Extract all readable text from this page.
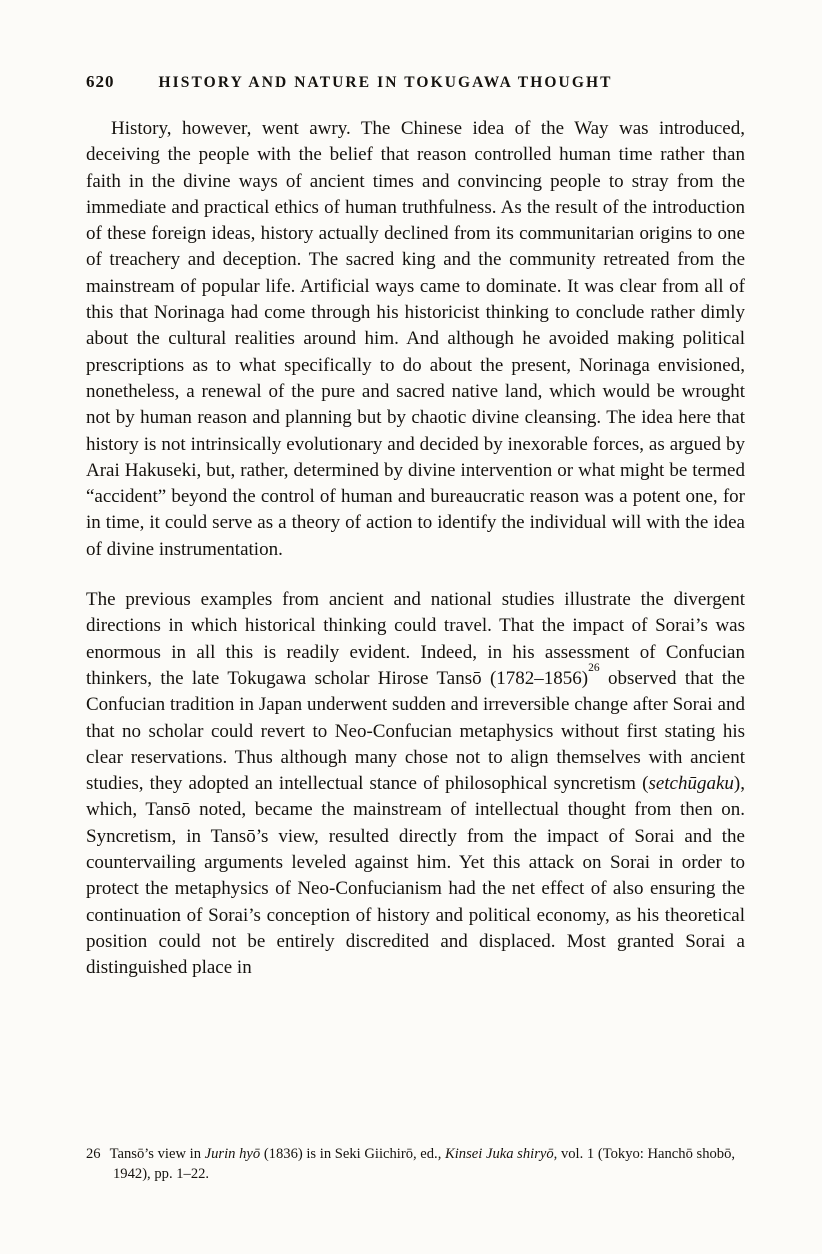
620	HISTORY AND NATURE IN TOKUGAWA THOUGHT

History, however, went awry. The Chinese idea of the Way was introduced, deceiving the people with the belief that reason controlled human time rather than faith in the divine ways of ancient times and convincing people to stray from the immediate and practical ethics of human truthfulness. As the result of the introduction of these foreign ideas, history actually declined from its communitarian origins to one of treachery and deception. The sacred king and the community retreated from the mainstream of popular life. Artificial ways came to dominate. It was clear from all of this that Norinaga had come through his historicist thinking to conclude rather dimly about the cultural realities around him. And although he avoided making political prescriptions as to what specifically to do about the present, Norinaga envisioned, nonetheless, a renewal of the pure and sacred native land, which would be wrought not by human reason and planning but by chaotic divine cleansing. The idea here that history is not intrinsically evolutionary and decided by inexorable forces, as argued by Arai Hakuseki, but, rather, determined by divine intervention or what might be termed “accident” beyond the control of human and bureaucratic reason was a potent one, for in time, it could serve as a theory of action to identify the individual will with the idea of divine instrumentation.

The previous examples from ancient and national studies illustrate the divergent directions in which historical thinking could travel. That the impact of Sorai’s was enormous in all this is readily evident. Indeed, in his assessment of Confucian thinkers, the late Tokugawa scholar Hirose Tansō (1782–1856)$^{26}$ observed that the Confucian tradition in Japan underwent sudden and irreversible change after Sorai and that no scholar could revert to Neo-Confucian metaphysics without first stating his clear reservations. Thus although many chose not to align themselves with ancient studies, they adopted an intellectual stance of philosophical syncretism (setchūgaku), which, Tansō noted, became the mainstream of intellectual thought from then on. Syncretism, in Tansō’s view, resulted directly from the impact of Sorai and the countervailing arguments leveled against him. Yet this attack on Sorai in order to protect the metaphysics of Neo-Confucianism had the net effect of also ensuring the continuation of Sorai’s conception of history and political economy, as his theoretical position could not be entirely discredited and displaced. Most granted Sorai a distinguished place in

26 Tansō’s view in Jurin hyō (1836) is in Seki Giichirō, ed., Kinsei Juka shiryō, vol. 1 (Tokyo: Hanchō shobō, 1942), pp. 1–22.
